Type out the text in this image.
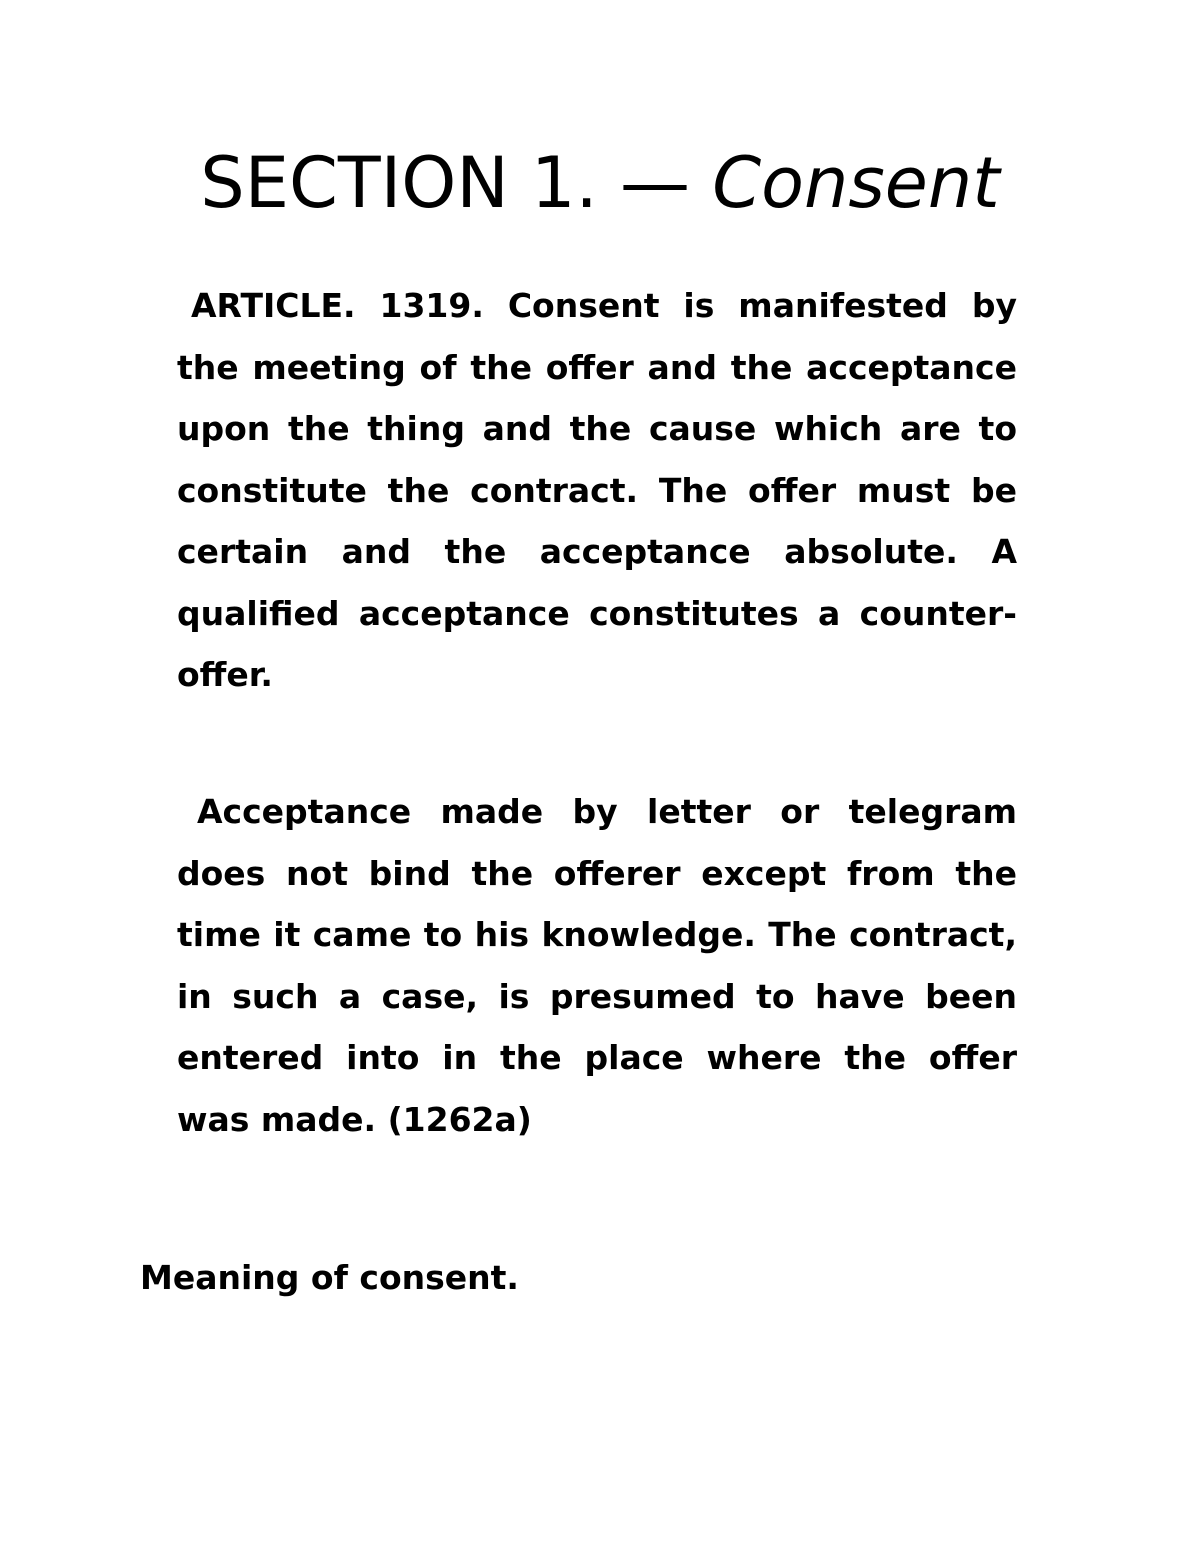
SECTION 1. — Consent

ARTICLE. 1319. Consent is manifested by the meeting of the offer and the acceptance upon the thing and the cause which are to constitute the contract. The offer must be certain and the acceptance absolute. A qualified acceptance constitutes a counter-offer.

Acceptance made by letter or telegram does not bind the offerer except from the time it came to his knowledge. The contract, in such a case, is presumed to have been entered into in the place where the offer was made. (1262a)

Meaning of consent.
